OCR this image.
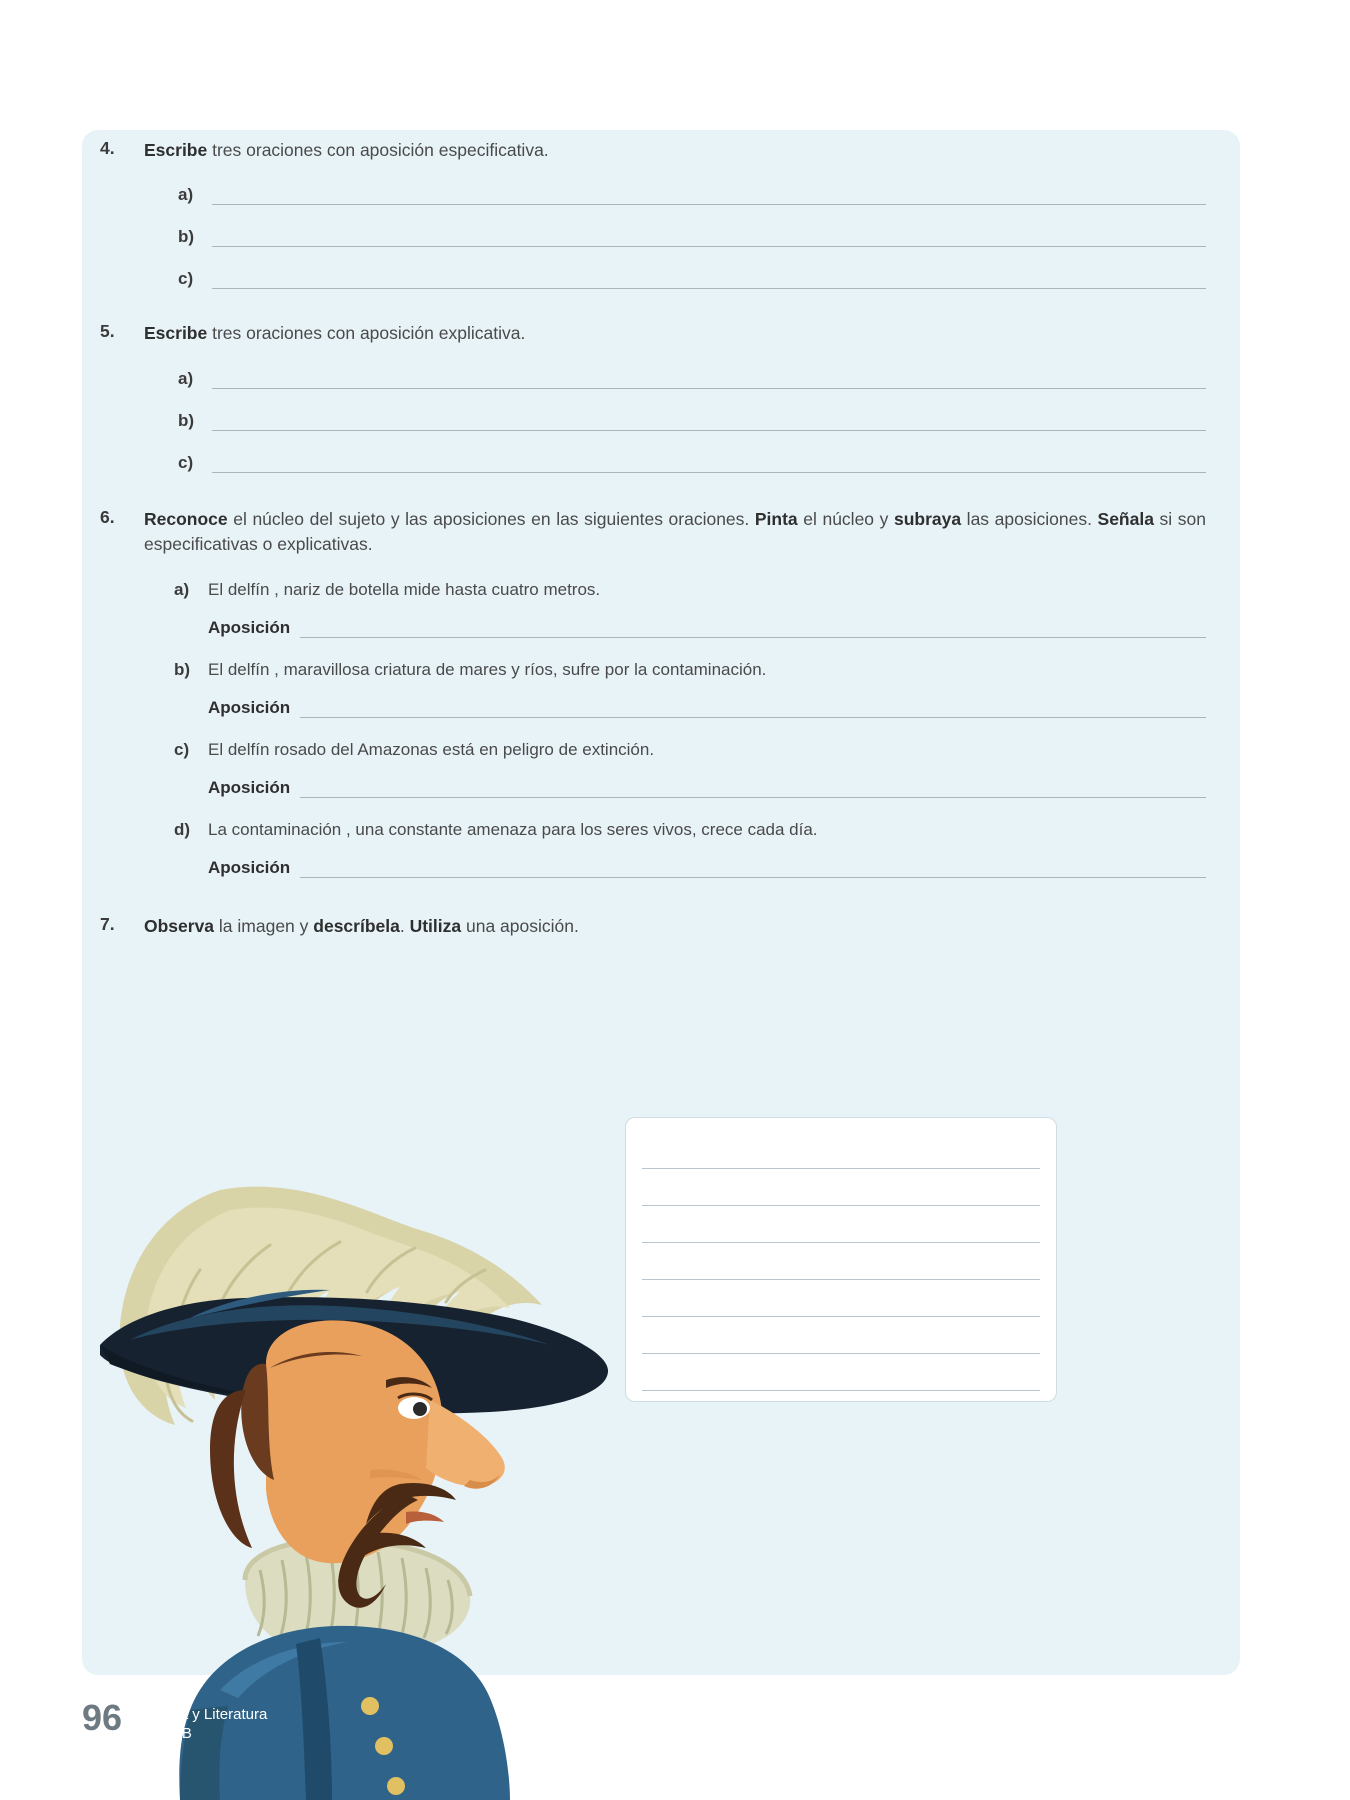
4. Escribe tres oraciones con aposición especificativa.
a)
b)
c)
5. Escribe tres oraciones con aposición explicativa.
a)
b)
c)
6. Reconoce el núcleo del sujeto y las aposiciones en las siguientes oraciones. Pinta el núcleo y subraya las aposiciones. Señala si son especificativas o explicativas.
a)	El delfín , nariz de botella mide hasta cuatro metros.
Aposición
b)	El delfín , maravillosa criatura de mares y ríos, sufre por la contaminación.
Aposición
c)	El delfín rosado del Amazonas está en peligro de extinción.
Aposición
d)	La contaminación , una constante amenaza para los seres vivos, crece cada día.
Aposición
7. Observa la imagen y descríbela. Utiliza una aposición.
96	Lengua y Literatura
6.º EGB
